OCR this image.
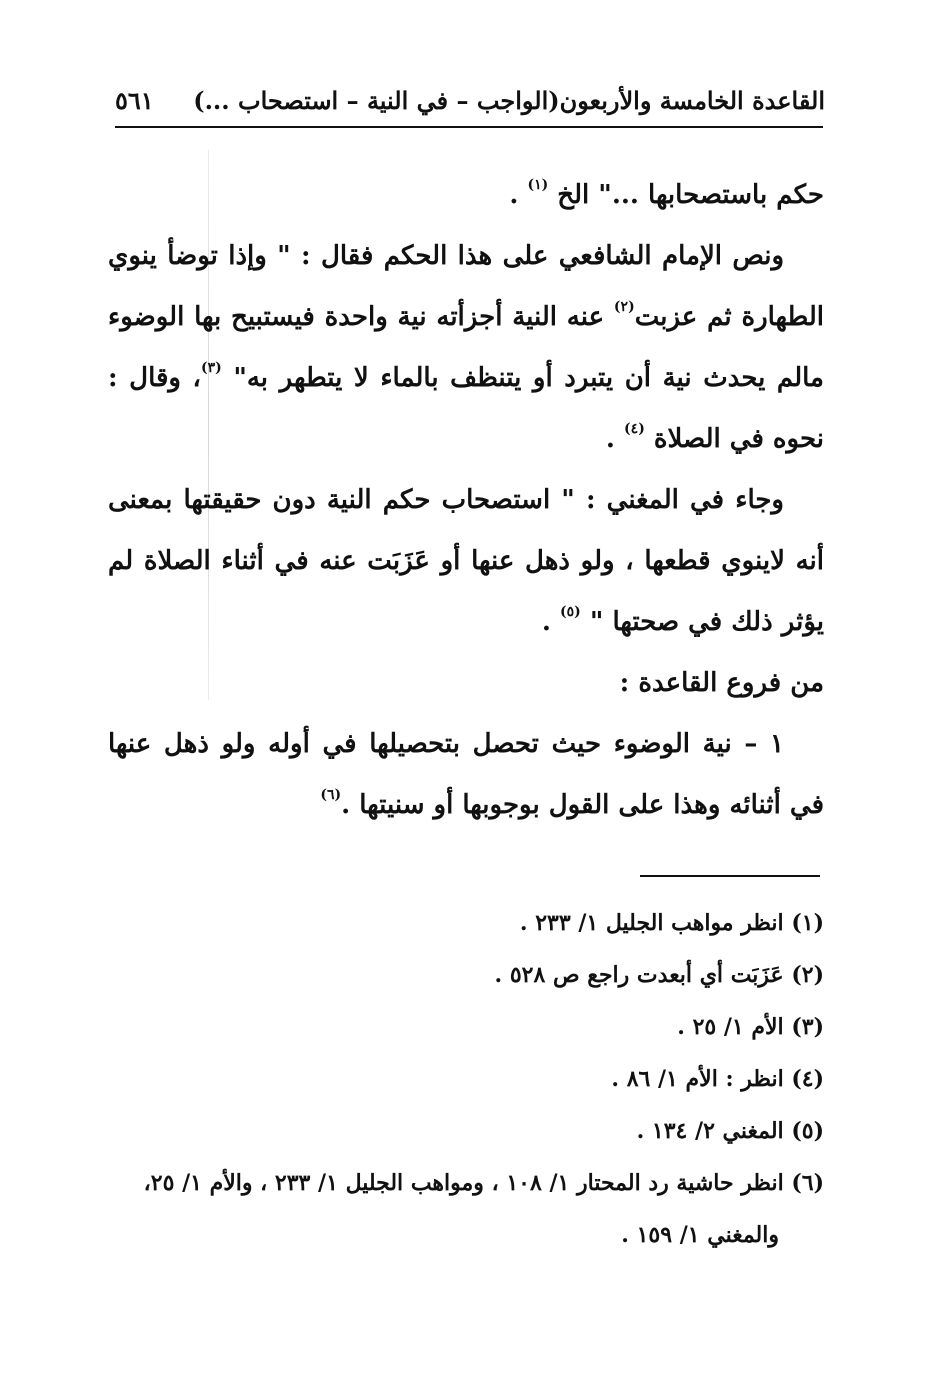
القاعدة الخامسة والأربعون(الواجب – في النية – استصحاب ...)
٥٦١

حكم باستصحابها ..." الخ $^{(١)}$ .

ونص الإمام الشافعي على هذا الحكم فقال : " وإذا توضأ ينوي الطهارة ثم عزبت$^{(٢)}$ عنه النية أجزأته نية واحدة فيستبيح بها الوضوء مالم يحدث نية أن يتبرد أو يتنظف بالماء لا يتطهر به" $^{(٣)}$، وقال : نحوه في الصلاة $^{(٤)}$ .

وجاء في المغني : " استصحاب حكم النية دون حقيقتها بمعنى أنه لاينوي قطعها ، ولو ذهل عنها أو عَزَبَت عنه في أثناء الصلاة لم يؤثر ذلك في صحتها " $^{(٥)}$ .

من فروع القاعدة :

١ – نية الوضوء حيث تحصل بتحصيلها في أوله ولو ذهل عنها في أثنائه وهذا على القول بوجوبها أو سنيتها .$^{(٦)}$

(١) انظر مواهب الجليل ١/ ٢٣٣ .
(٢) عَزَبَت أي أبعدت راجع ص ٥٢٨ .
(٣) الأم ١/ ٢٥ .
(٤) انظر : الأم ١/ ٨٦ .
(٥) المغني ٢/ ١٣٤ .
(٦) انظر حاشية رد المحتار ١/ ١٠٨ ، ومواهب الجليل ١/ ٢٣٣ ، والأم ١/ ٢٥،
والمغني ١/ ١٥٩ .
